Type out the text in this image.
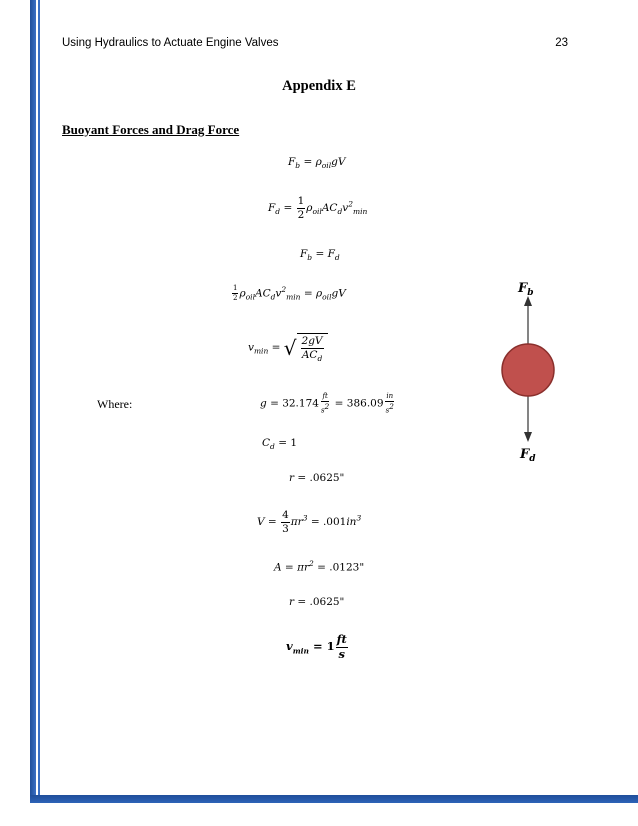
Using Hydraulics to Actuate Engine Valves	23
Appendix E
Buoyant Forces and Drag Force
$F_b = \rho_{oil}gV$
$F_d = \frac{1}{2} \rho_{oil}AC_dv^2_{min}$
$F_b = F_d$
$\frac{1}{2} \rho_{oil}AC_dv^2_{min} = \rho_{oil}gV$
$v_{min}$ = √ $\frac{2gV}{AC_d}$
Where:	$g = 32.174 \frac{ft}{s^2} = 386.09 \frac{in}{s^2}$
$C_d = 1$
r = .0625"
$V = \frac{4}{3} \pi r^3 = .001in^3$
$A = \pi r^2 = .0123$"
r = .0625"
$v_{min} = 1 \frac{ft}{s}$
$F_b$
$F_d$
